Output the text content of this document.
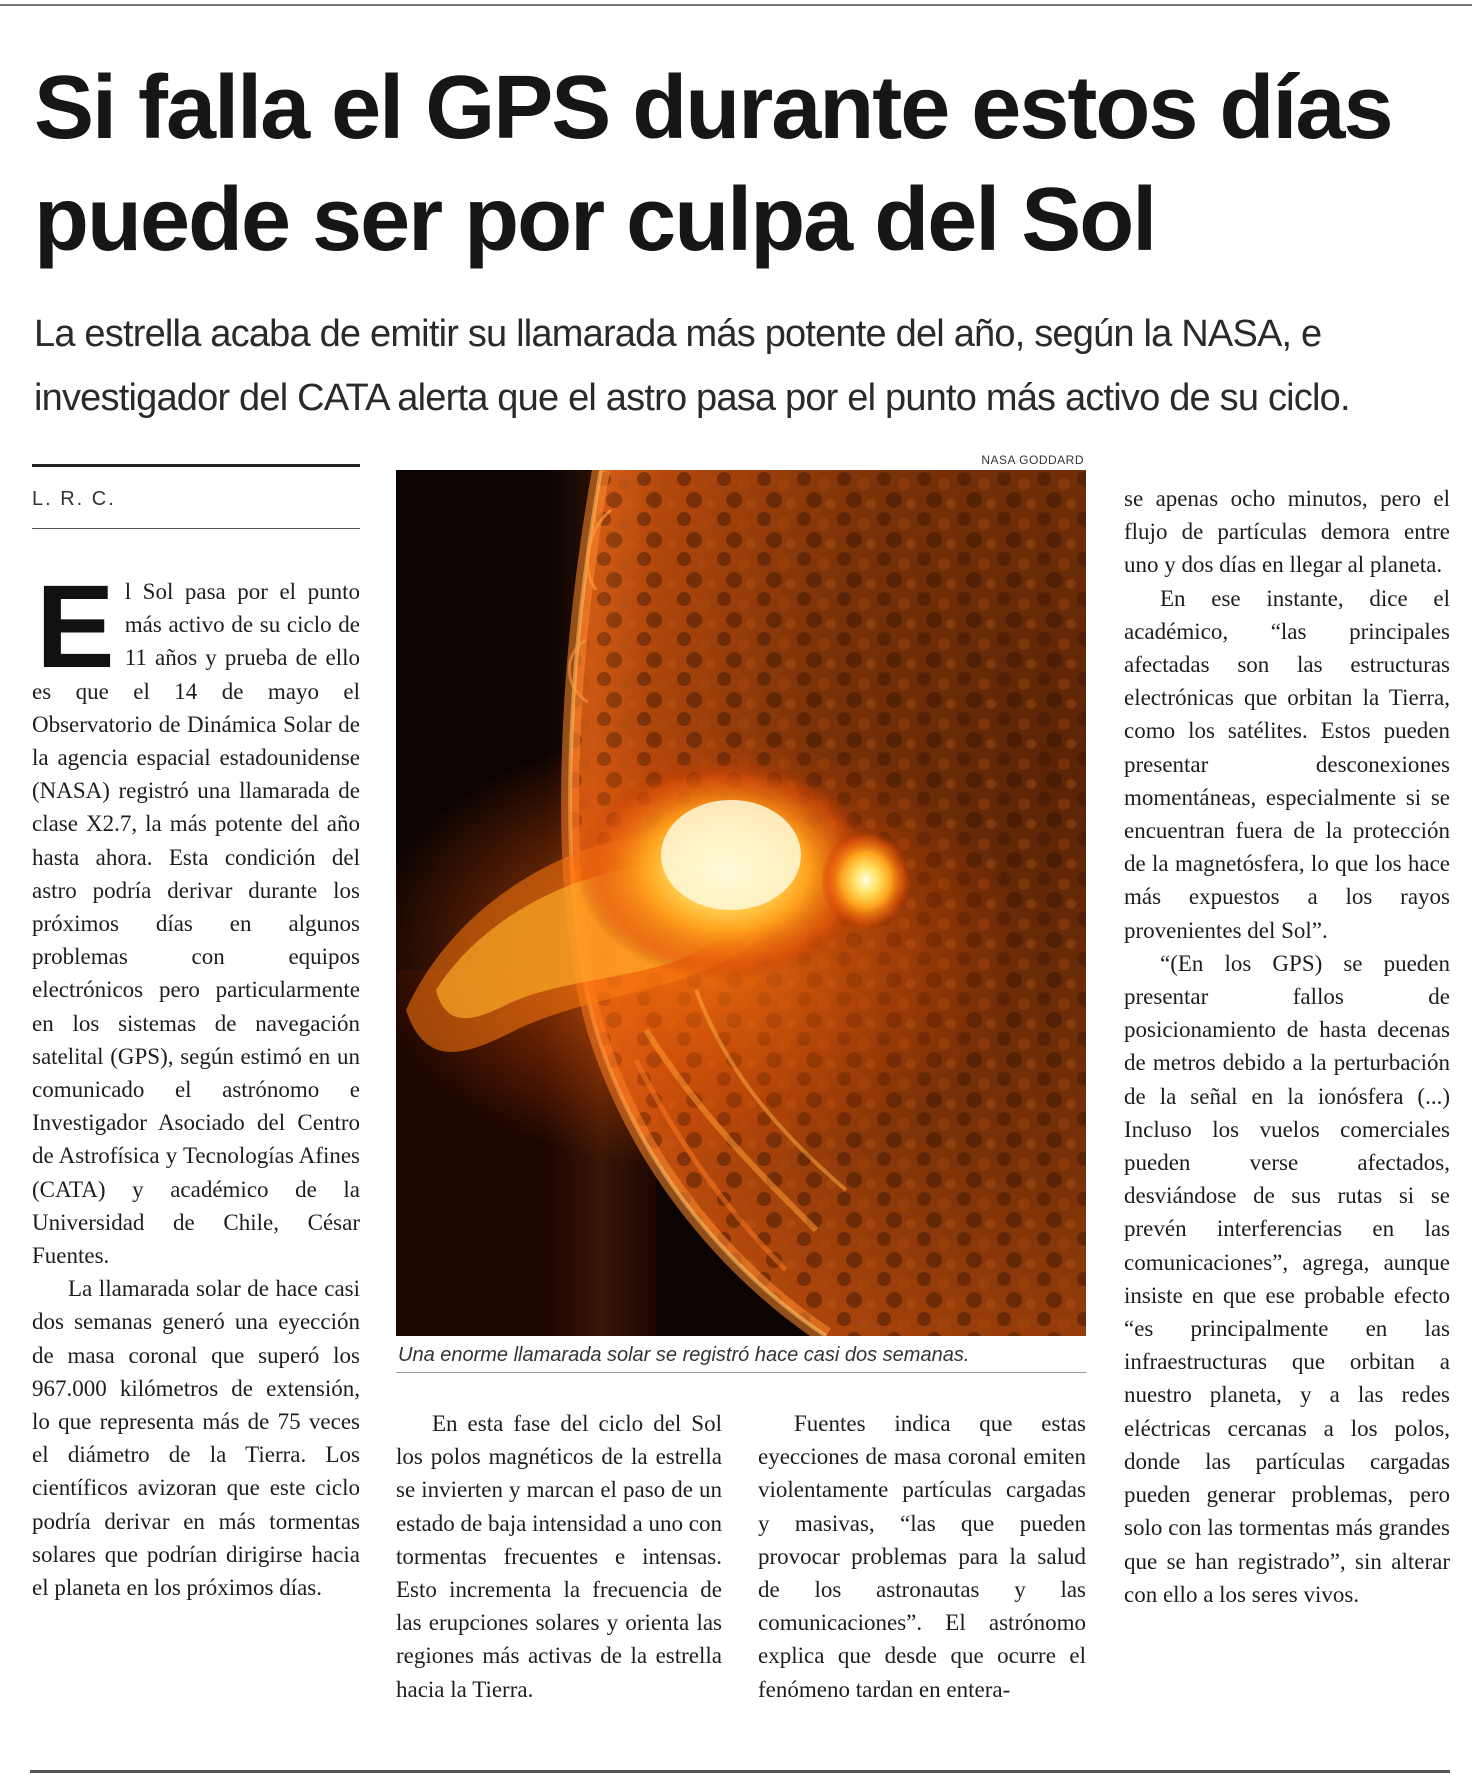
Si falla el GPS durante estos días puede ser por culpa del Sol
La estrella acaba de emitir su llamarada más potente del año, según la NASA, e investigador del CATA alerta que el astro pasa por el punto más activo de su ciclo.
L. R. C.
E l Sol pasa por el punto más activo de su ciclo de 11 años y prueba de ello es que el 14 de mayo el Observatorio de Dinámica Solar de la agencia espacial estadounidense (NASA) registró una llamarada de clase X2.7, la más potente del año hasta ahora. Esta condición del astro podría derivar durante los próximos días en algunos problemas con equipos electrónicos pero particularmente en los sistemas de navegación satelital (GPS), según estimó en un comunicado el astrónomo e Investigador Asociado del Centro de Astrofísica y Tecnologías Afines (CATA) y académico de la Universidad de Chile, César Fuentes.

La llamarada solar de hace casi dos semanas generó una eyección de masa coronal que superó los 967.000 kilómetros de extensión, lo que representa más de 75 veces el diámetro de la Tierra. Los científicos avizoran que este ciclo podría derivar en más tormentas solares que podrían dirigirse hacia el planeta en los próximos días.

NASA GODDARD
Una enorme llamarada solar se registró hace casi dos semanas.

En esta fase del ciclo del Sol los polos magnéticos de la estrella se invierten y marcan el paso de un estado de baja intensidad a uno con tormentas frecuentes e intensas. Esto incrementa la frecuencia de las erupciones solares y orienta las regiones más activas de la estrella hacia la Tierra.

Fuentes indica que estas eyecciones de masa coronal emiten violentamente partículas cargadas y masivas, “las que pueden provocar problemas para la salud de los astronautas y las comunicaciones”. El astrónomo explica que desde que ocurre el fenómeno tardan en entera-

se apenas ocho minutos, pero el flujo de partículas demora entre uno y dos días en llegar al planeta.

En ese instante, dice el académico, “las principales afectadas son las estructuras electrónicas que orbitan la Tierra, como los satélites. Estos pueden presentar desconexiones momentáneas, especialmente si se encuentran fuera de la protección de la magnetósfera, lo que los hace más expuestos a los rayos provenientes del Sol”.

“(En los GPS) se pueden presentar fallos de posicionamiento de hasta decenas de metros debido a la perturbación de la señal en la ionósfera (...) Incluso los vuelos comerciales pueden verse afectados, desviándose de sus rutas si se prevén interferencias en las comunicaciones”, agrega, aunque insiste en que ese probable efecto “es principalmente en las infraestructuras que orbitan a nuestro planeta, y a las redes eléctricas cercanas a los polos, donde las partículas cargadas pueden generar problemas, pero solo con las tormentas más grandes que se han registrado”, sin alterar con ello a los seres vivos.
